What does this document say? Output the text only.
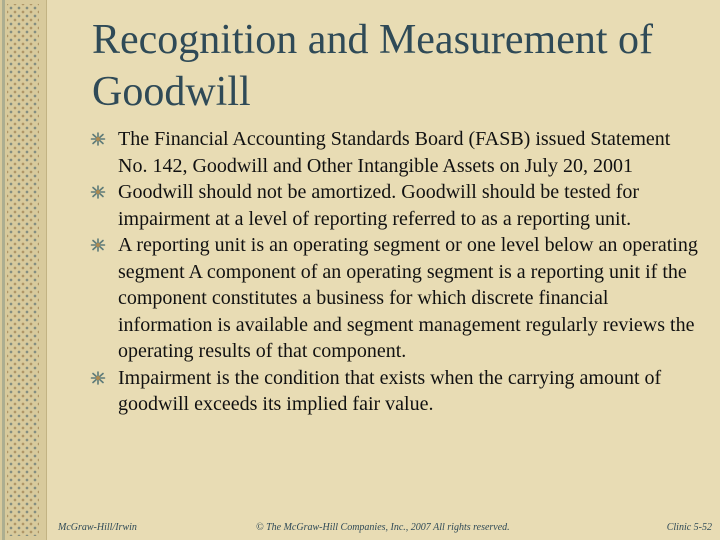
Recognition and Measurement of Goodwill
The Financial Accounting Standards Board (FASB) issued Statement No. 142, Goodwill and Other Intangible Assets on July 20, 2001
Goodwill should not be amortized. Goodwill should be tested for impairment at a level of reporting referred to as a reporting unit.
A reporting unit is an operating segment or one level below an operating segment A component of an operating segment is a reporting unit if the component constitutes a business for which discrete financial information is available and segment management regularly reviews the operating results of that component.
Impairment is the condition that exists when the carrying amount of goodwill exceeds its implied fair value.
McGraw-Hill/Irwin	© The McGraw-Hill Companies, Inc., 2007 All rights reserved.	Clinic 5-52
